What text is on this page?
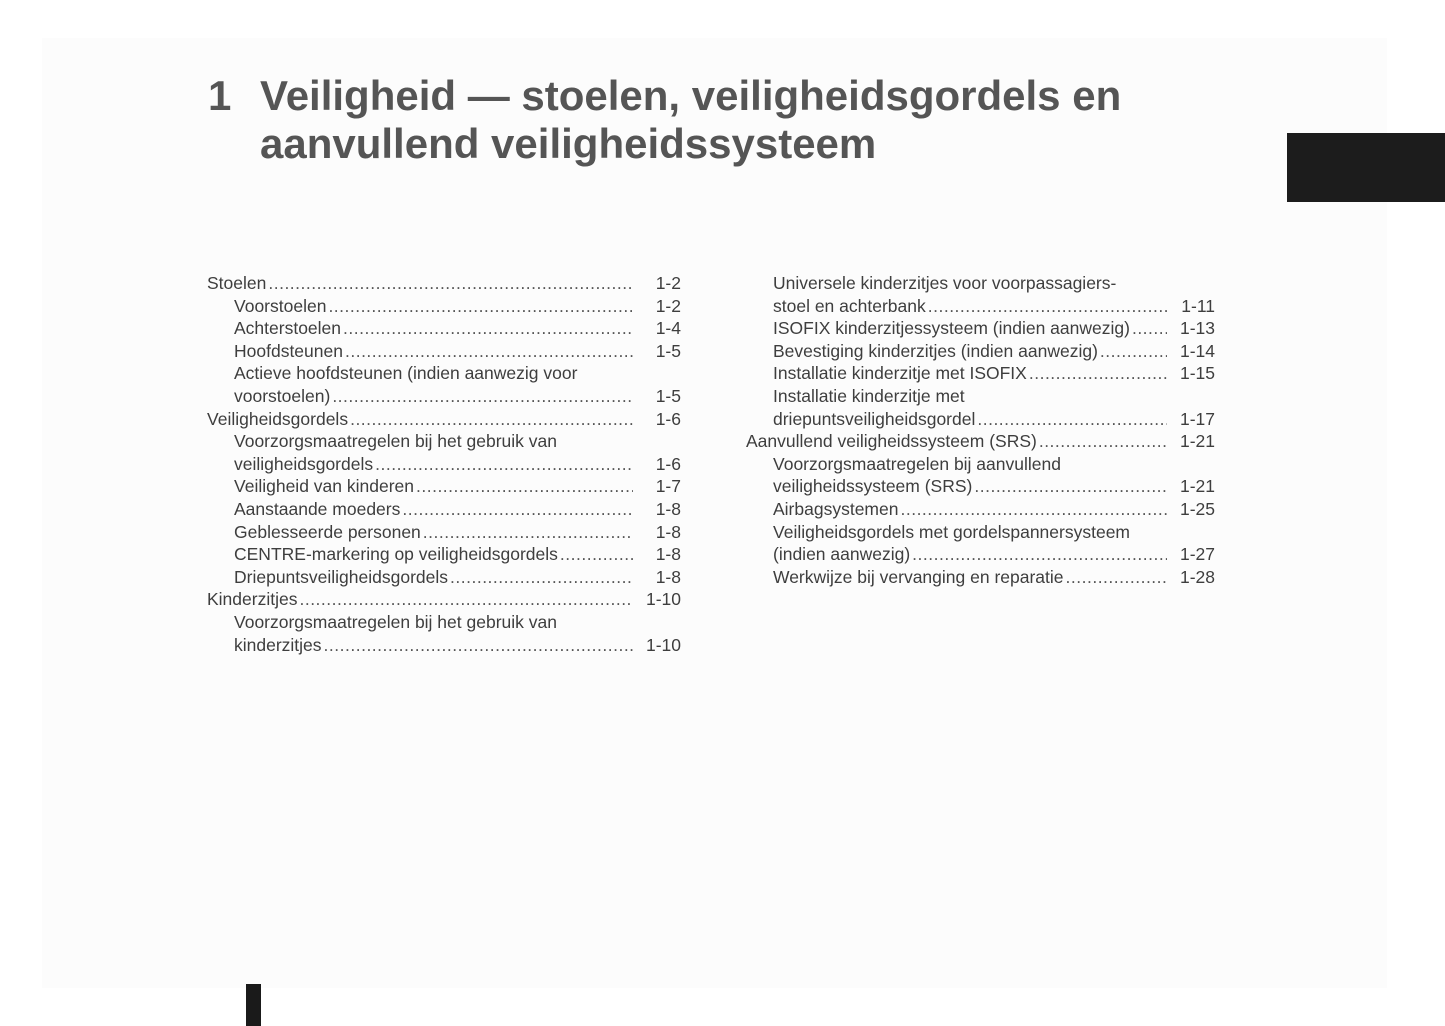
1 Veiligheid — stoelen, veiligheidsgordels en aanvullend veiligheidssysteem
Stoelen .....	1-2
Voorstoelen .....	1-2
Achterstoelen .....	1-4
Hoofdsteunen .....	1-5
Actieve hoofdsteunen (indien aanwezig voor
voorstoelen) .....	1-5
Veiligheidsgordels .....	1-6
Voorzorgsmaatregelen bij het gebruik van
veiligheidsgordels .....	1-6
Veiligheid van kinderen .....	1-7
Aanstaande moeders .....	1-8
Geblesseerde personen .....	1-8
CENTRE-markering op veiligheidsgordels .....	1-8
Driepuntsveiligheidsgordels .....	1-8
Kinderzitjes .....	1-10
Voorzorgsmaatregelen bij het gebruik van
kinderzitjes .....	1-10
Universele kinderzitjes voor voorpassagiers-
stoel en achterbank .....	1-11
ISOFIX kinderzitjessysteem (indien aanwezig) .....	1-13
Bevestiging kinderzitjes (indien aanwezig) .....	1-14
Installatie kinderzitje met ISOFIX .....	1-15
Installatie kinderzitje met
driepuntsveiligheidsgordel .....	1-17
Aanvullend veiligheidssysteem (SRS) .....	1-21
Voorzorgsmaatregelen bij aanvullend
veiligheidssysteem (SRS) .....	1-21
Airbagsystemen .....	1-25
Veiligheidsgordels met gordelspannersysteem
(indien aanwezig) .....	1-27
Werkwijze bij vervanging en reparatie .....	1-28
